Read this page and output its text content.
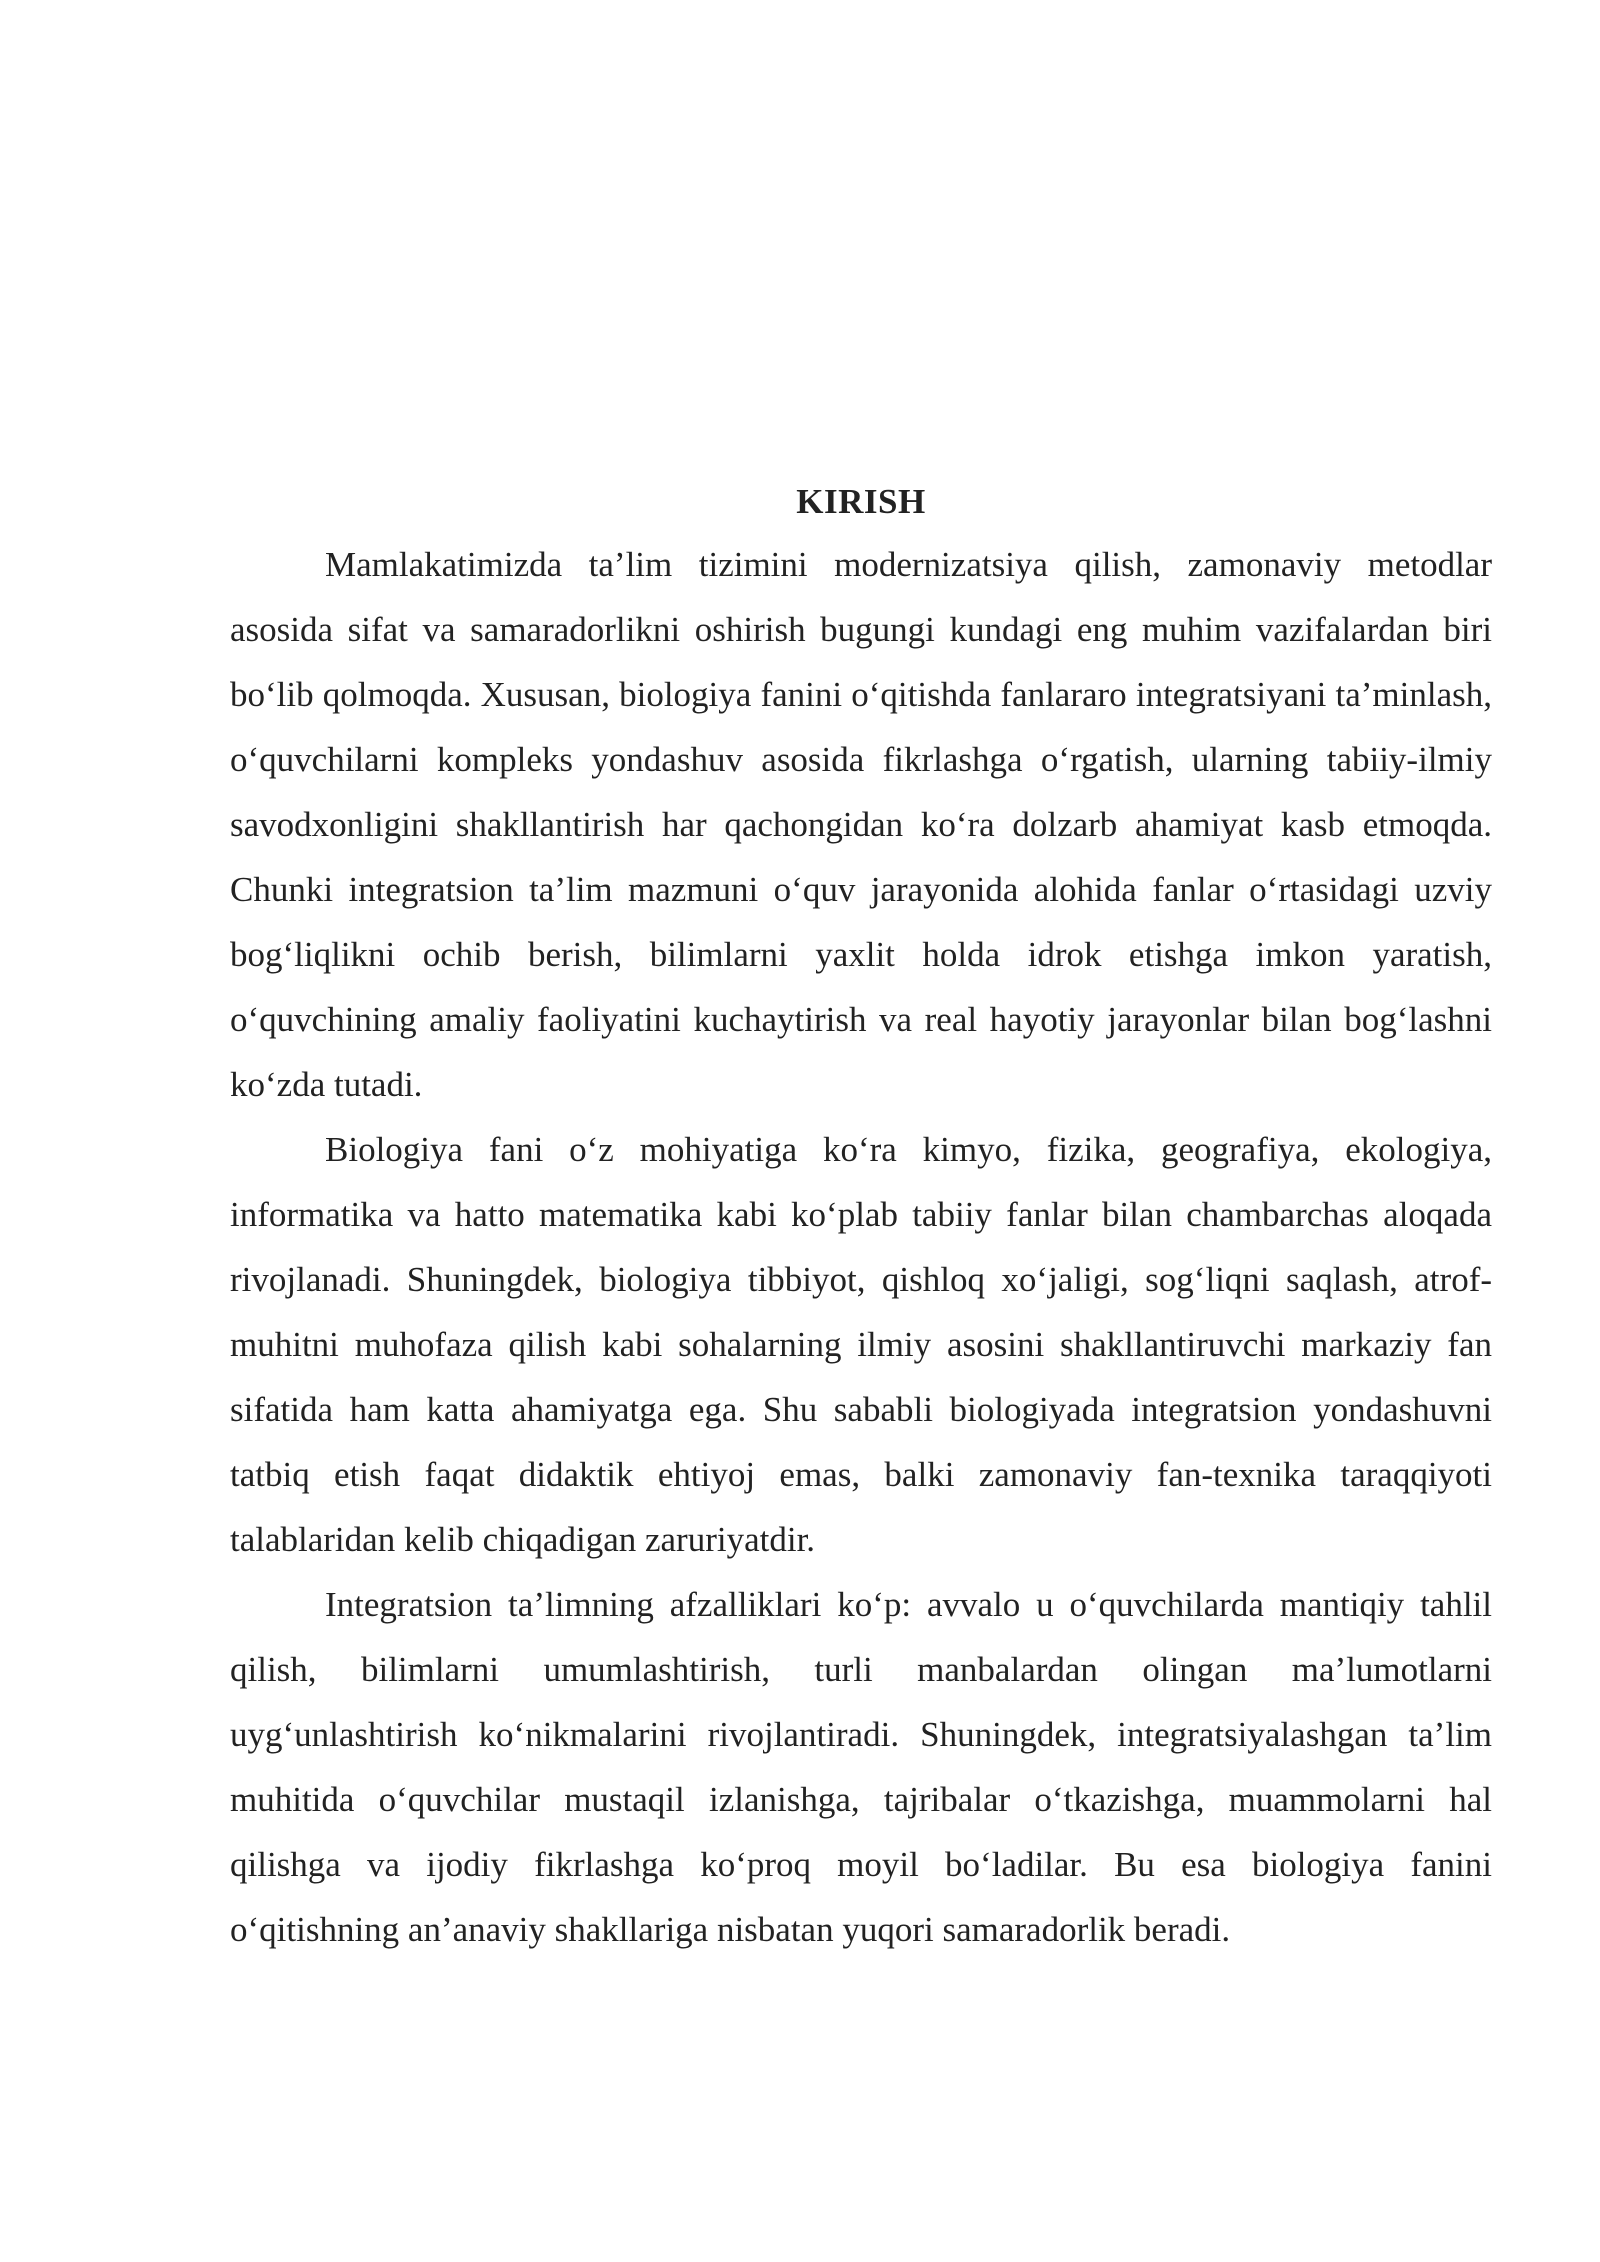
KIRISH

Mamlakatimizda ta’lim tizimini modernizatsiya qilish, zamonaviy metodlar asosida sifat va samaradorlikni oshirish bugungi kundagi eng muhim vazifalardan biri bo‘lib qolmoqda. Xususan, biologiya fanini o‘qitishda fanlararo integratsiyani ta’minlash, o‘quvchilarni kompleks yondashuv asosida fikrlashga o‘rgatish, ularning tabiiy-ilmiy savodxonligini shakllantirish har qachongidan ko‘ra dolzarb ahamiyat kasb etmoqda. Chunki integratsion ta’lim mazmuni o‘quv jarayonida alohida fanlar o‘rtasidagi uzviy bog‘liqlikni ochib berish, bilimlarni yaxlit holda idrok etishga imkon yaratish, o‘quvchining amaliy faoliyatini kuchaytirish va real hayotiy jarayonlar bilan bog‘lashni ko‘zda tutadi.

Biologiya fani o‘z mohiyatiga ko‘ra kimyo, fizika, geografiya, ekologiya, informatika va hatto matematika kabi ko‘plab tabiiy fanlar bilan chambarchas aloqada rivojlanadi. Shuningdek, biologiya tibbiyot, qishloq xo‘jaligi, sog‘liqni saqlash, atrof-muhitni muhofaza qilish kabi sohalarning ilmiy asosini shakllantiruvchi markaziy fan sifatida ham katta ahamiyatga ega. Shu sababli biologiyada integratsion yondashuvni tatbiq etish faqat didaktik ehtiyoj emas, balki zamonaviy fan-texnika taraqqiyoti talablaridan kelib chiqadigan zaruriyatdir.

Integratsion ta’limning afzalliklari ko‘p: avvalo u o‘quvchilarda mantiqiy tahlil qilish, bilimlarni umumlashtirish, turli manbalardan olingan ma’lumotlarni uyg‘unlashtirish ko‘nikmalarini rivojlantiradi. Shuningdek, integratsiyalashgan ta’lim muhitida o‘quvchilar mustaqil izlanishga, tajribalar o‘tkazishga, muammolarni hal qilishga va ijodiy fikrlashga ko‘proq moyil bo‘ladilar. Bu esa biologiya fanini o‘qitishning an’anaviy shakllariga nisbatan yuqori samaradorlik beradi.
